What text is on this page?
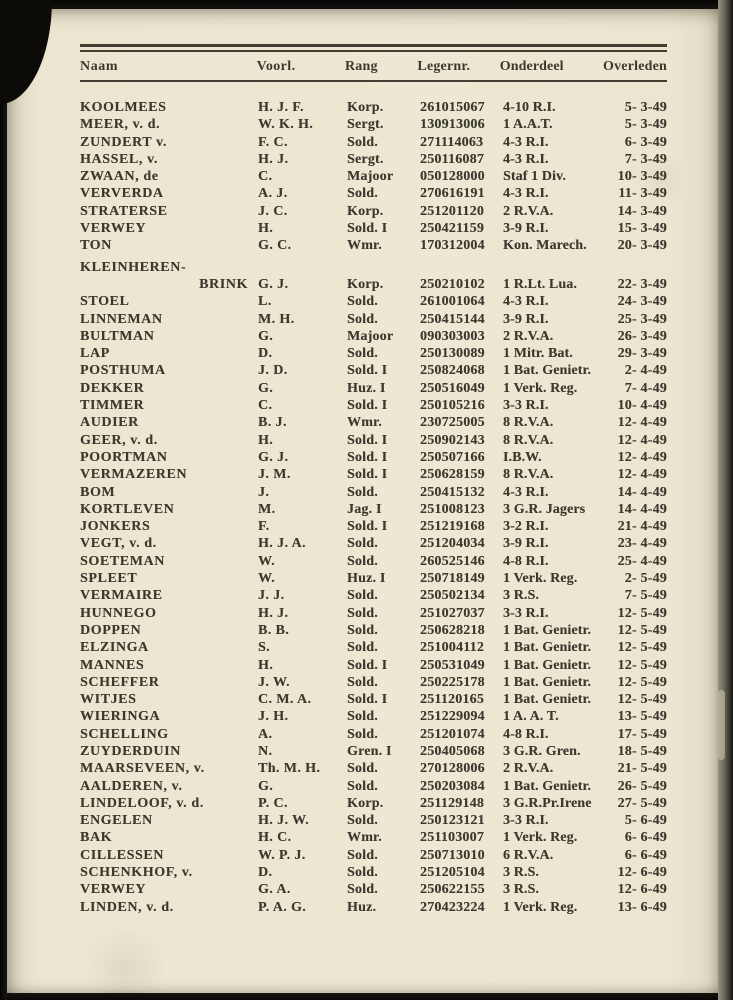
Naam	Voorl.	Rang	Legernr.	Onderdeel	Overleden
KOOLMEES	H. J. F.	Korp.	261015067	4-10 R.I.	5- 3-49
MEER, v. d.	W. K. H.	Sergt.	130913006	1 A.A.T.	5- 3-49
ZUNDERT v.	F. C.	Sold.	271114063	4-3 R.I.	6- 3-49
HASSEL, v.	H. J.	Sergt.	250116087	4-3 R.I.	7- 3-49
ZWAAN, de	C.	Majoor	050128000	Staf 1 Div.	10- 3-49
VERVERDA	A. J.	Sold.	270616191	4-3 R.I.	11- 3-49
STRATERSE	J. C.	Korp.	251201120	2 R.V.A.	14- 3-49
VERWEY	H.	Sold. I	250421159	3-9 R.I.	15- 3-49
TON	G. C.	Wmr.	170312004	Kon. Marech.	20- 3-49
KLEINHEREN-
BRINK G. J.	Korp.	250210102	1 R.Lt. Lua.	22- 3-49
STOEL	L.	Sold.	261001064	4-3 R.I.	24- 3-49
LINNEMAN	M. H.	Sold.	250415144	3-9 R.I.	25- 3-49
BULTMAN	G.	Majoor	090303003	2 R.V.A.	26- 3-49
LAP	D.	Sold.	250130089	1 Mitr. Bat.	29- 3-49
POSTHUMA	J. D.	Sold. I	250824068	1 Bat. Genietr.	2- 4-49
DEKKER	G.	Huz. I	250516049	1 Verk. Reg.	7- 4-49
TIMMER	C.	Sold. I	250105216	3-3 R.I.	10- 4-49
AUDIER	B. J.	Wmr.	230725005	8 R.V.A.	12- 4-49
GEER, v. d.	H.	Sold. I	250902143	8 R.V.A.	12- 4-49
POORTMAN	G. J.	Sold. I	250507166	I.B.W.	12- 4-49
VERMAZEREN	J. M.	Sold. I	250628159	8 R.V.A.	12- 4-49
BOM	J.	Sold.	250415132	4-3 R.I.	14- 4-49
KORTLEVEN	M.	Jag. I	251008123	3 G.R. Jagers	14- 4-49
JONKERS	F.	Sold. I	251219168	3-2 R.I.	21- 4-49
VEGT, v. d.	H. J. A.	Sold.	251204034	3-9 R.I.	23- 4-49
SOETEMAN	W.	Sold.	260525146	4-8 R.I.	25- 4-49
SPLEET	W.	Huz. I	250718149	1 Verk. Reg.	2- 5-49
VERMAIRE	J. J.	Sold.	250502134	3 R.S.	7- 5-49
HUNNEGO	H. J.	Sold.	251027037	3-3 R.I.	12- 5-49
DOPPEN	B. B.	Sold.	250628218	1 Bat. Genietr.	12- 5-49
ELZINGA	S.	Sold.	251004112	1 Bat. Genietr.	12- 5-49
MANNES	H.	Sold. I	250531049	1 Bat. Genietr.	12- 5-49
SCHEFFER	J. W.	Sold.	250225178	1 Bat. Genietr.	12- 5-49
WITJES	C. M. A.	Sold. I	251120165	1 Bat. Genietr.	12- 5-49
WIERINGA	J. H.	Sold.	251229094	1 A. A. T.	13- 5-49
SCHELLING	A.	Sold.	251201074	4-8 R.I.	17- 5-49
ZUYDERDUIN	N.	Gren. I	250405068	3 G.R. Gren.	18- 5-49
MAARSEVEEN, v.	Th. M. H.	Sold.	270128006	2 R.V.A.	21- 5-49
AALDEREN, v.	G.	Sold.	250203084	1 Bat. Genietr.	26- 5-49
LINDELOOF, v. d.	P. C.	Korp.	251129148	3 G.R.Pr.Irene	27- 5-49
ENGELEN	H. J. W.	Sold.	250123121	3-3 R.I.	5- 6-49
BAK	H. C.	Wmr.	251103007	1 Verk. Reg.	6- 6-49
CILLESSEN	W. P. J.	Sold.	250713010	6 R.V.A.	6- 6-49
SCHENKHOF, v.	D.	Sold.	251205104	3 R.S.	12- 6-49
VERWEY	G. A.	Sold.	250622155	3 R.S.	12- 6-49
LINDEN, v. d.	P. A. G.	Huz.	270423224	1 Verk. Reg.	13- 6-49
